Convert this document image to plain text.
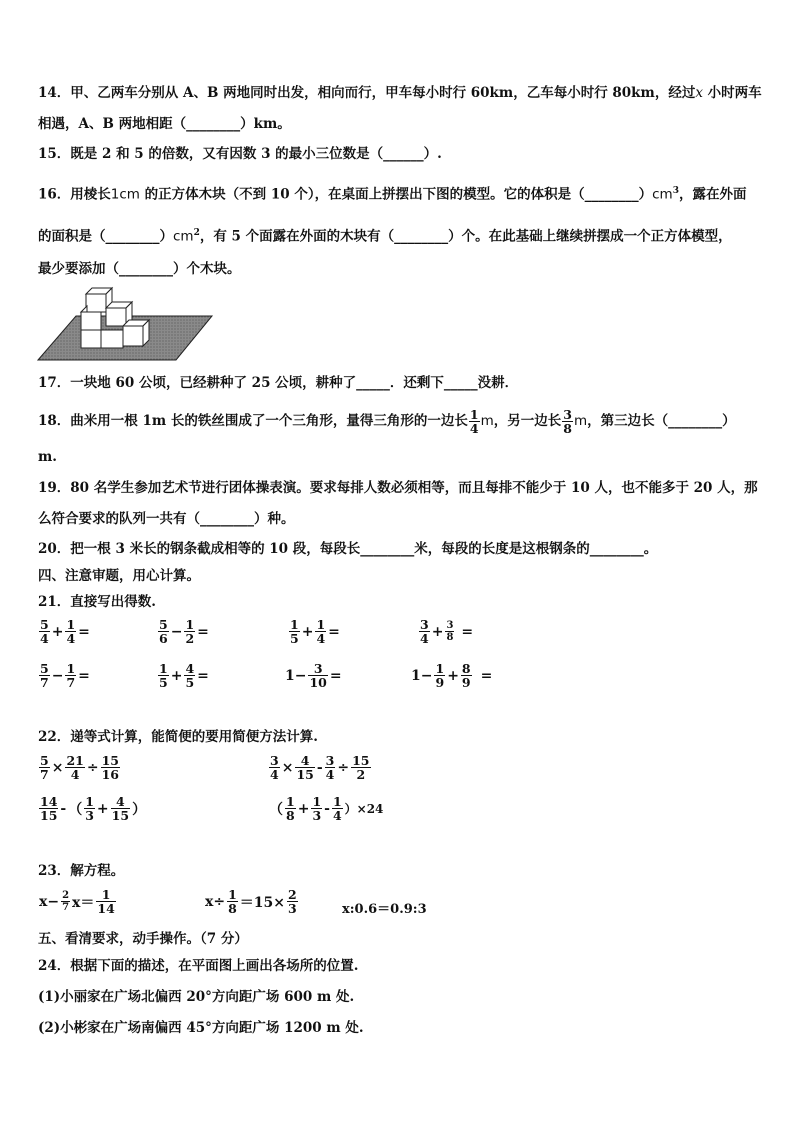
14．甲、乙两车分别从 A、B 两地同时出发，相向而行，甲车每小时行 60km，乙车每小时行 80km，经过x 小时两车
相遇，A、B 两地相距（________）km。
15．既是 2 和 5 的倍数，又有因数 3 的最小三位数是（______）.
16．用棱长1cm 的正方体木块（不到 10 个），在桌面上拼摆出下图的模型。它的体积是$(\_\_\_\_\_\_\_\_)cm^3$，露在外面
的面积是$(\_\_\_\_\_\_\_\_)cm^2$，有 5 个面露在外面的木块有（________）个。在此基础上继续拼摆成一个正方体模型，
最少要添加（________）个木块。
17．一块地 60 公顷，已经耕种了 25 公顷，耕种了_____．还剩下_____没耕．
18．曲米用一根 1m 长的铁丝围成了一个三角形，量得三角形的一边长 $\frac{1}{4}$ m，另一边长 $\frac{3}{8}$ m，第三边长（________）
m.
19．80 名学生参加艺术节进行团体操表演。要求每排人数必须相等，而且每排不能少于 10 人，也不能多于 20 人，那
么符合要求的队列一共有（________）种。
20．把一根 3 米长的钢条截成相等的 10 段，每段长________米，每段的长度是这根钢条的________。
四、注意审题，用心计算。
21．直接写出得数.
$\frac{5}{4} + \frac{1}{4}$ =	$\frac{5}{6} - \frac{1}{2}$ =	$\frac{1}{5} + \frac{1}{4}$ =	$\frac{3}{4} + \frac{3}{8}$ =
$\frac{5}{7} - \frac{1}{7}$ =	$\frac{1}{5} + \frac{4}{5}$ =	$1- \frac{3}{10}$ =	$1- \frac{1}{9} + \frac{8}{9}$ =
22．递等式计算，能简便的要用简便方法计算.
$\frac{5}{7} \times \frac{21}{4} \div \frac{15}{16}$	$\frac{3}{4} \times \frac{4}{15} - \frac{3}{4} \div \frac{15}{2}$
$\frac{14}{15}$ - （ $\frac{1}{3} + \frac{4}{15}$ ）	（ $\frac{1}{8} + \frac{1}{3} - \frac{1}{4} )\times 24$
23．解方程。
$x- \frac{2}{7} x= \frac{1}{14}$	$x\div \frac{1}{8} =15\times \frac{2}{3}$	x:0.6＝0.9:3
五、看清要求，动手操作。（7 分）
24．根据下面的描述，在平面图上画出各场所的位置.
(1)小丽家在广场北偏西 20°方向距广场 600 m 处.
(2)小彬家在广场南偏西 45°方向距广场 1200 m 处.
